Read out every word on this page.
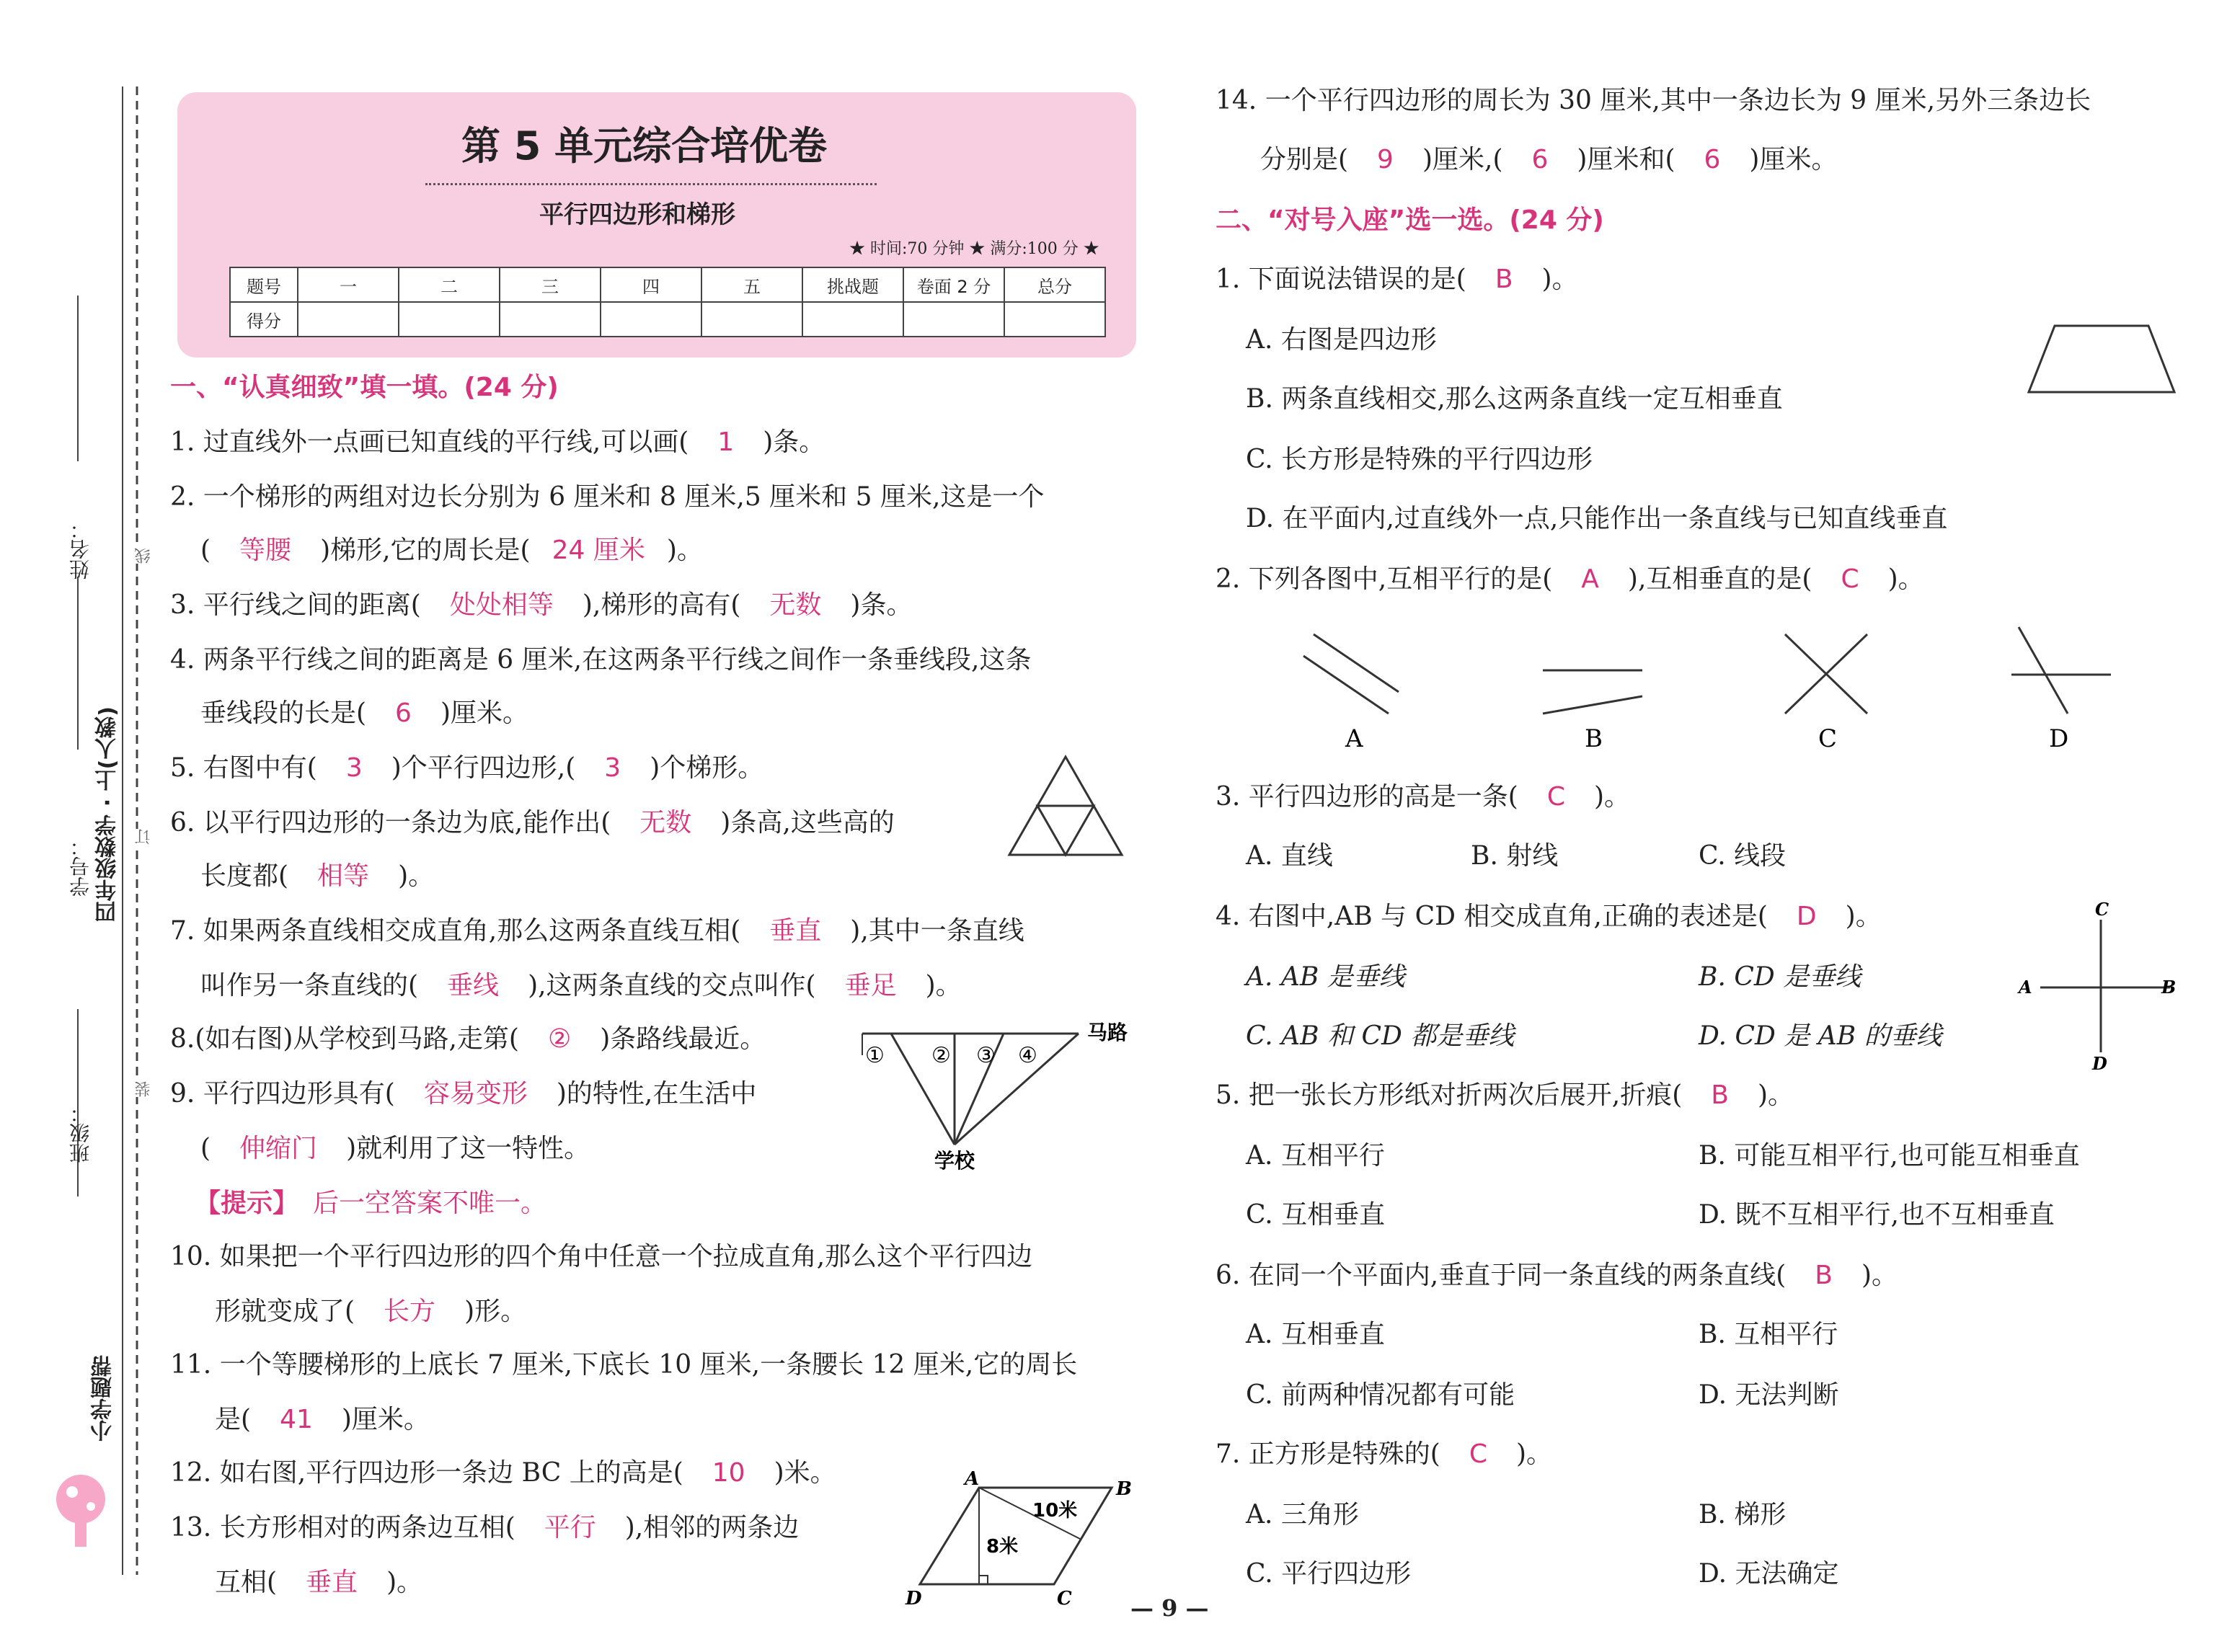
姓名：
学号： 四年级数学 · 上(人教)
班级：
小学题帮
线
订
装
第 5 单元综合培优卷
平行四边形和梯形
★ 时间:70 分钟 ★ 满分:100 分 ★
题号	一	二	三	四	五	挑战题	卷面 2 分	总分
得分								
一、“认真细致”填一填。(24 分)
1. 过直线外一点画已知直线的平行线,可以画( 1 )条。
2. 一个梯形的两组对边长分别为 6 厘米和 8 厘米,5 厘米和 5 厘米,这是一个
( 等腰 )梯形,它的周长是( 24 厘米 )。
3. 平行线之间的距离( 处处相等 ),梯形的高有( 无数 )条。
4. 两条平行线之间的距离是 6 厘米,在这两条平行线之间作一条垂线段,这条
垂线段的长是( 6 )厘米。
5. 右图中有( 3 )个平行四边形,( 3 )个梯形。
6. 以平行四边形的一条边为底,能作出( 无数 )条高,这些高的
长度都( 相等 )。
7. 如果两条直线相交成直角,那么这两条直线互相( 垂直 ),其中一条直线
叫作另一条直线的( 垂线 ),这两条直线的交点叫作( 垂足 )。
8.(如右图)从学校到马路,走第( ② )条路线最近。
① ② ③ ④
马路
学校
9. 平行四边形具有( 容易变形 )的特性,在生活中
( 伸缩门 )就利用了这一特性。
【提示】 后一空答案不唯一。
10. 如果把一个平行四边形的四个角中任意一个拉成直角,那么这个平行四边
形就变成了( 长方 )形。
11. 一个等腰梯形的上底长 7 厘米,下底长 10 厘米,一条腰长 12 厘米,它的周长
是( 41 )厘米。
12. 如右图,平行四边形一条边 BC 上的高是( 10 )米。	A	B
C
D
10米
8米
13. 长方形相对的两条边互相( 平行 ),相邻的两条边
互相( 垂直 )。
14. 一个平行四边形的周长为 30 厘米,其中一条边长为 9 厘米,另外三条边长
分别是( 9 )厘米,( 6 )厘米和( 6 )厘米。
二、“对号入座”选一选。(24 分)
1. 下面说法错误的是( B )。
A. 右图是四边形
B. 两条直线相交,那么这两条直线一定互相垂直
C. 长方形是特殊的平行四边形
D. 在平面内,过直线外一点,只能作出一条直线与已知直线垂直
2. 下列各图中,互相平行的是( A ),互相垂直的是( C )。
A	B	C	D
3. 平行四边形的高是一条( C )。
A. 直线	B. 射线	C. 线段
4. 右图中,AB 与 CD 相交成直角,正确的表述是( D )。	C
A	B
D
A. AB 是垂线	B. CD 是垂线
C. AB 和 CD 都是垂线	D. CD 是 AB 的垂线
5. 把一张长方形纸对折两次后展开,折痕( B )。
A. 互相平行	B. 可能互相平行,也可能互相垂直
C. 互相垂直	D. 既不互相平行,也不互相垂直
6. 在同一个平面内,垂直于同一条直线的两条直线( B )。
A. 互相垂直	B. 互相平行
C. 前两种情况都有可能	D. 无法判断
7. 正方形是特殊的( C )。
A. 三角形	B. 梯形
C. 平行四边形	D. 无法确定
— 9 —
